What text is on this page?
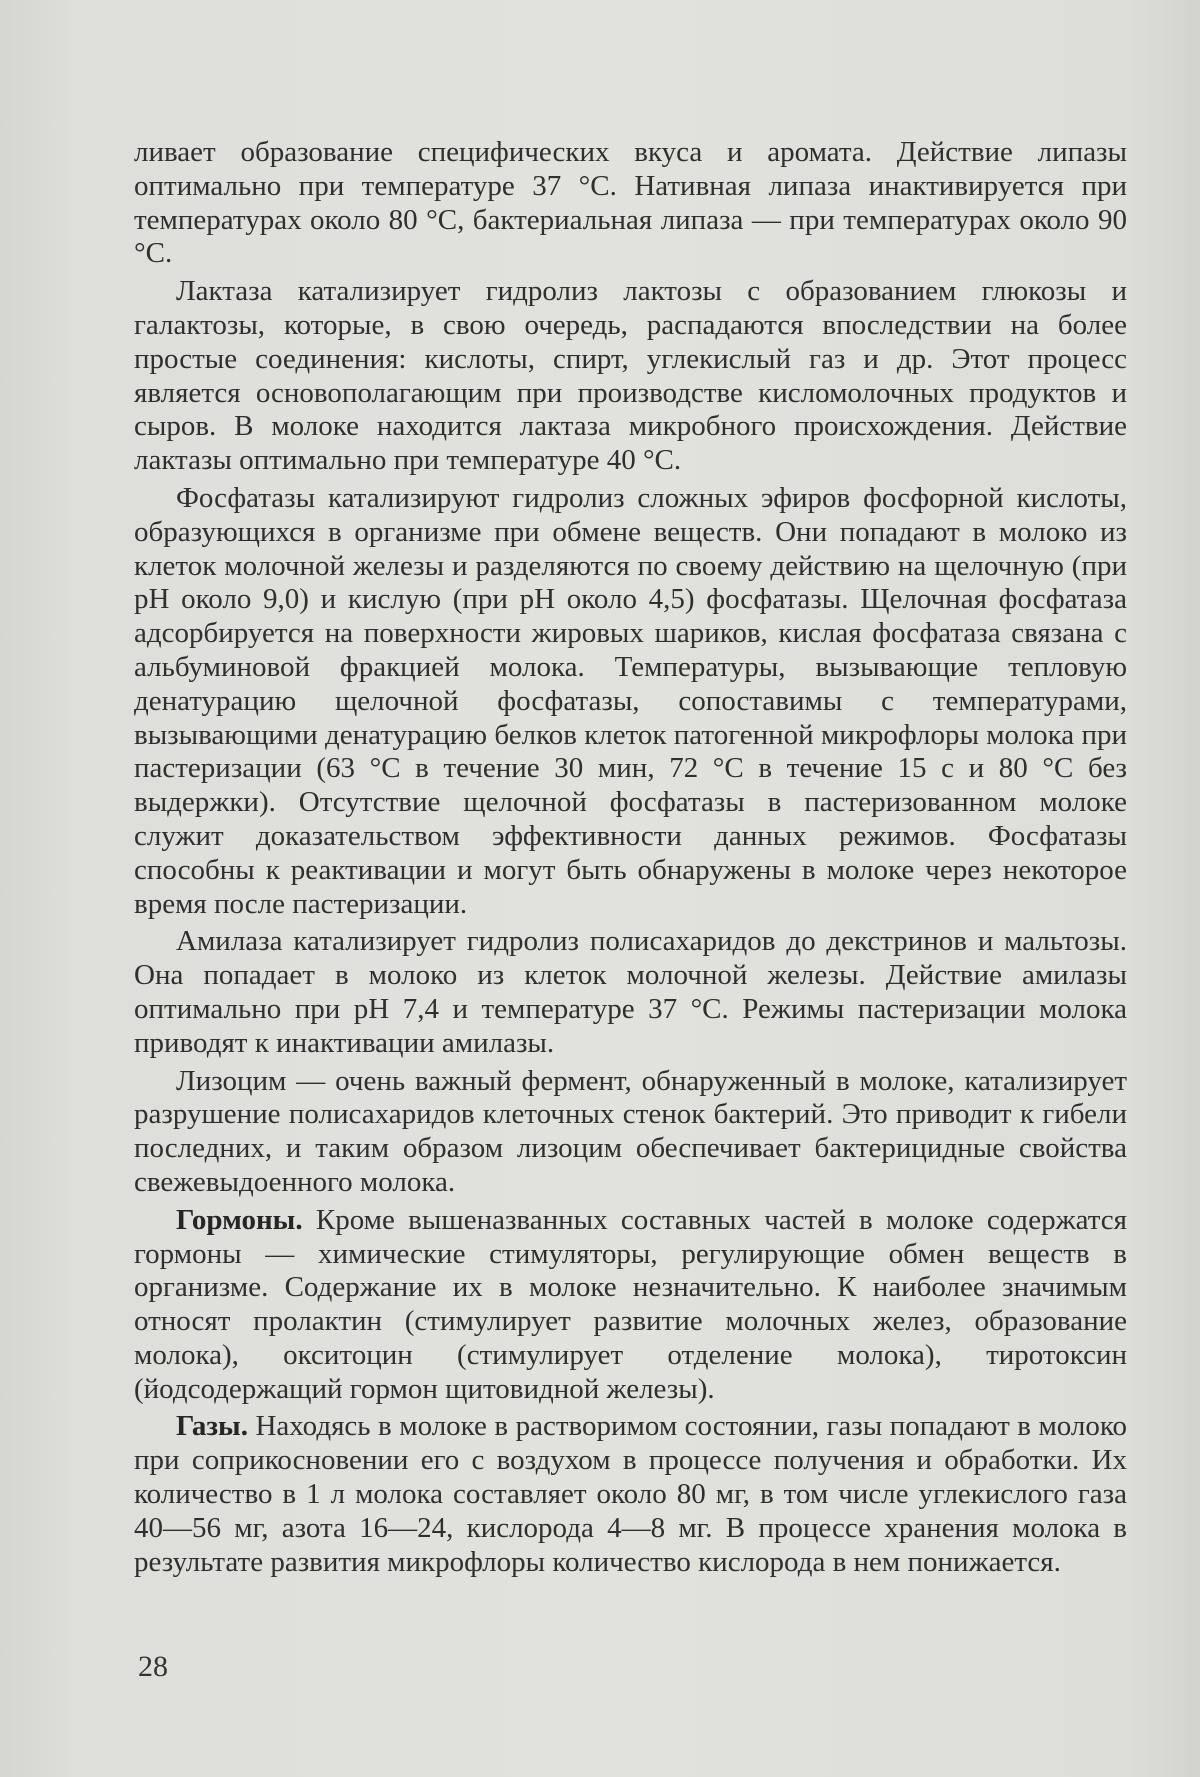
ливает образование специфических вкуса и аромата. Действие липазы оптимально при температуре 37 °С. Нативная липаза инактивируется при температурах около 80 °С, бактериальная липаза — при температурах около 90 °С.

Лактаза катализирует гидролиз лактозы с образованием глюкозы и галактозы, которые, в свою очередь, распадаются впоследствии на более простые соединения: кислоты, спирт, углекислый газ и др. Этот процесс является основополагающим при производстве кисломолочных продуктов и сыров. В молоке находится лактаза микробного происхождения. Действие лактазы оптимально при температуре 40 °С.

Фосфатазы катализируют гидролиз сложных эфиров фосфорной кислоты, образующихся в организме при обмене веществ. Они попадают в молоко из клеток молочной железы и разделяются по своему действию на щелочную (при pH около 9,0) и кислую (при pH около 4,5) фосфатазы. Щелочная фосфатаза адсорбируется на поверхности жировых шариков, кислая фосфатаза связана с альбуминовой фракцией молока. Температуры, вызывающие тепловую денатурацию щелочной фосфатазы, сопоставимы с температурами, вызывающими денатурацию белков клеток патогенной микрофлоры молока при пастеризации (63 °С в течение 30 мин, 72 °С в течение 15 с и 80 °С без выдержки). Отсутствие щелочной фосфатазы в пастеризованном молоке служит доказательством эффективности данных режимов. Фосфатазы способны к реактивации и могут быть обнаружены в молоке через некоторое время после пастеризации.

Амилаза катализирует гидролиз полисахаридов до декстринов и мальтозы. Она попадает в молоко из клеток молочной железы. Действие амилазы оптимально при pH 7,4 и температуре 37 °С. Режимы пастеризации молока приводят к инактивации амилазы.

Лизоцим — очень важный фермент, обнаруженный в молоке, катализирует разрушение полисахаридов клеточных стенок бактерий. Это приводит к гибели последних, и таким образом лизоцим обеспечивает бактерицидные свойства свежевыдоенного молока.

Гормоны. Кроме вышеназванных составных частей в молоке содержатся гормоны — химические стимуляторы, регулирующие обмен веществ в организме. Содержание их в молоке незначительно. К наиболее значимым относят пролактин (стимулирует развитие молочных желез, образование молока), окситоцин (стимулирует отделение молока), тиротоксин (йодсодержащий гормон щитовидной железы).

Газы. Находясь в молоке в растворимом состоянии, газы попадают в молоко при соприкосновении его с воздухом в процессе получения и обработки. Их количество в 1 л молока составляет около 80 мг, в том числе углекислого газа 40—56 мг, азота 16—24, кислорода 4—8 мг. В процессе хранения молока в результате развития микрофлоры количество кислорода в нем понижается.

28
